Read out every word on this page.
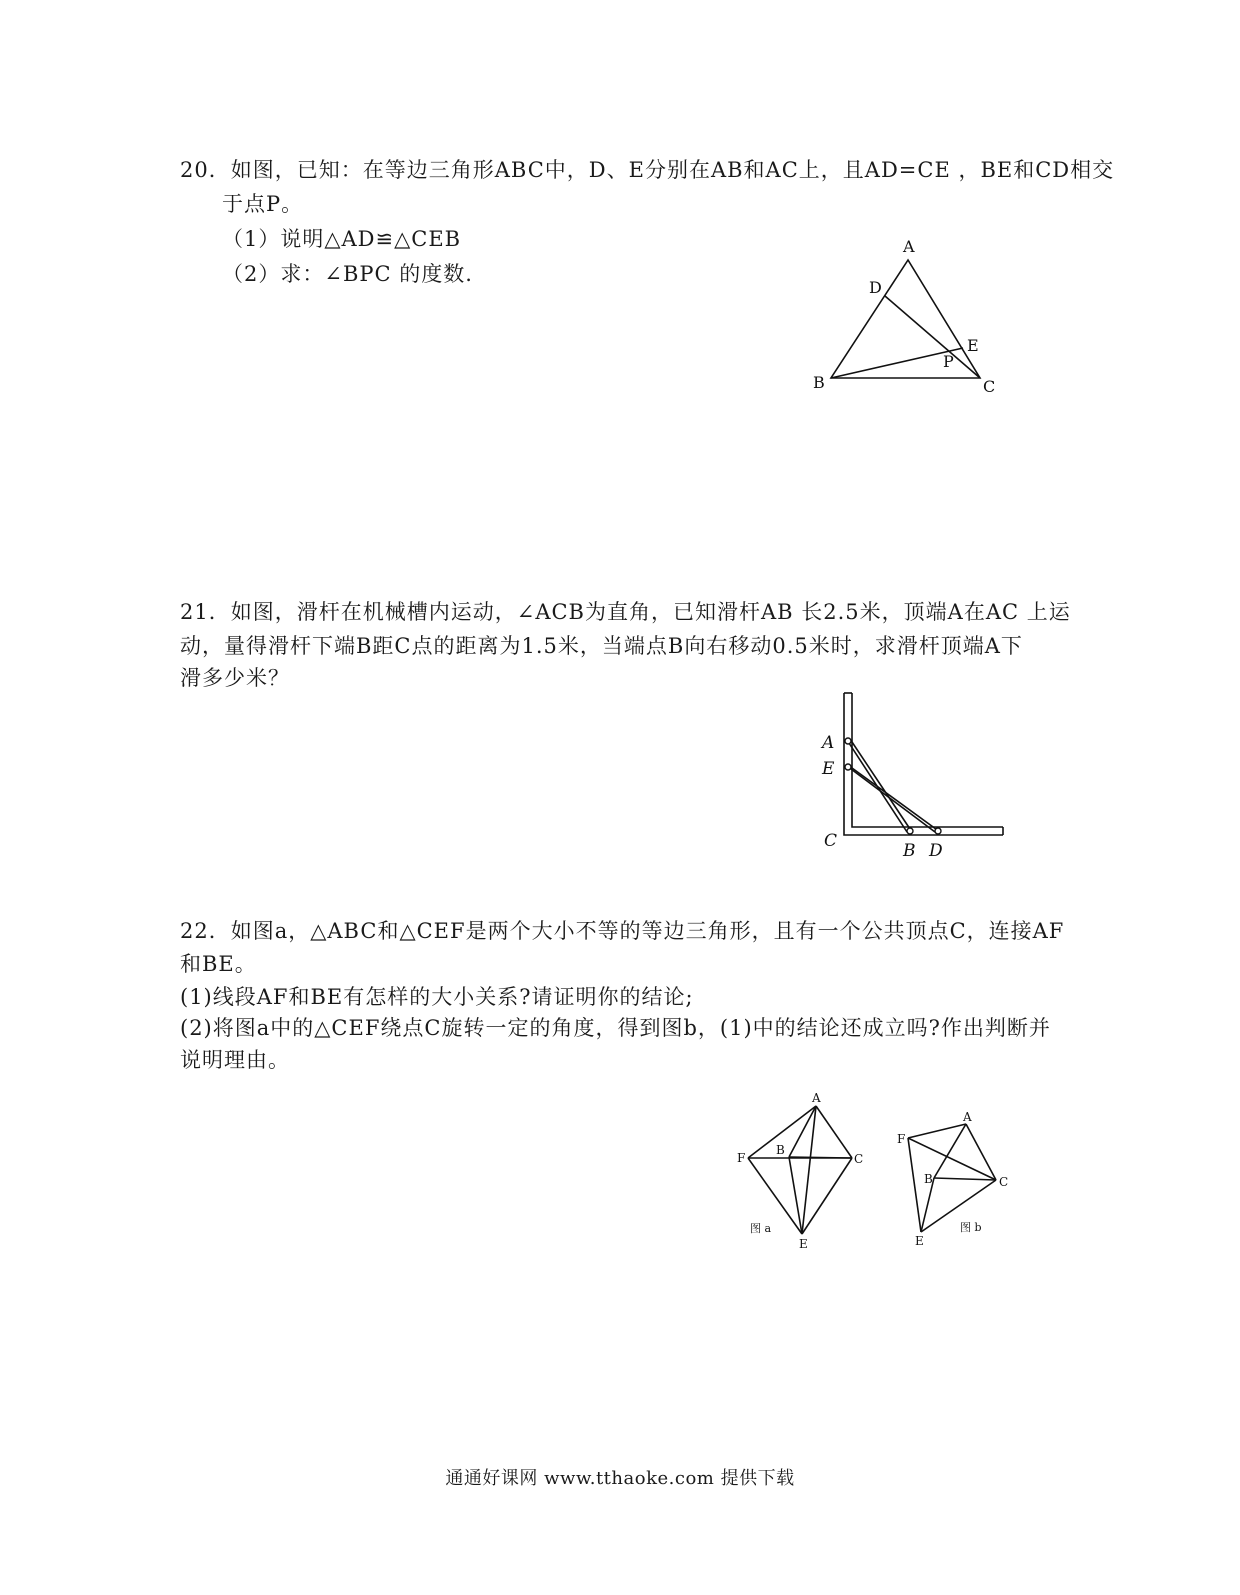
20．如图，已知：在等边三角形ABC中，D、E分别在AB和AC上，且AD=CE ，BE和CD相交
于点P。
（1）说明△AD≌△CEB
（2）求：∠BPC 的度数.
A
D
E
P
B	C
21．如图，滑杆在机械槽内运动，∠ACB为直角，已知滑杆AB 长2.5米，顶端A在AC 上运
动，量得滑杆下端B距C点的距离为1.5米，当端点B向右移动0.5米时，求滑杆顶端A下
滑多少米？
A
E
C	B D
22．如图a，△ABC和△CEF是两个大小不等的等边三角形，且有一个公共顶点C，连接AF
和BE。
(1)线段AF和BE有怎样的大小关系?请证明你的结论;
(2)将图a中的△CEF绕点C旋转一定的角度，得到图b，(1)中的结论还成立吗?作出判断并
说明理由。
A
F
B
C
E
图 a
A
F
B	C
E
图 b
通通好课网 www.tthaoke.com 提供下载
